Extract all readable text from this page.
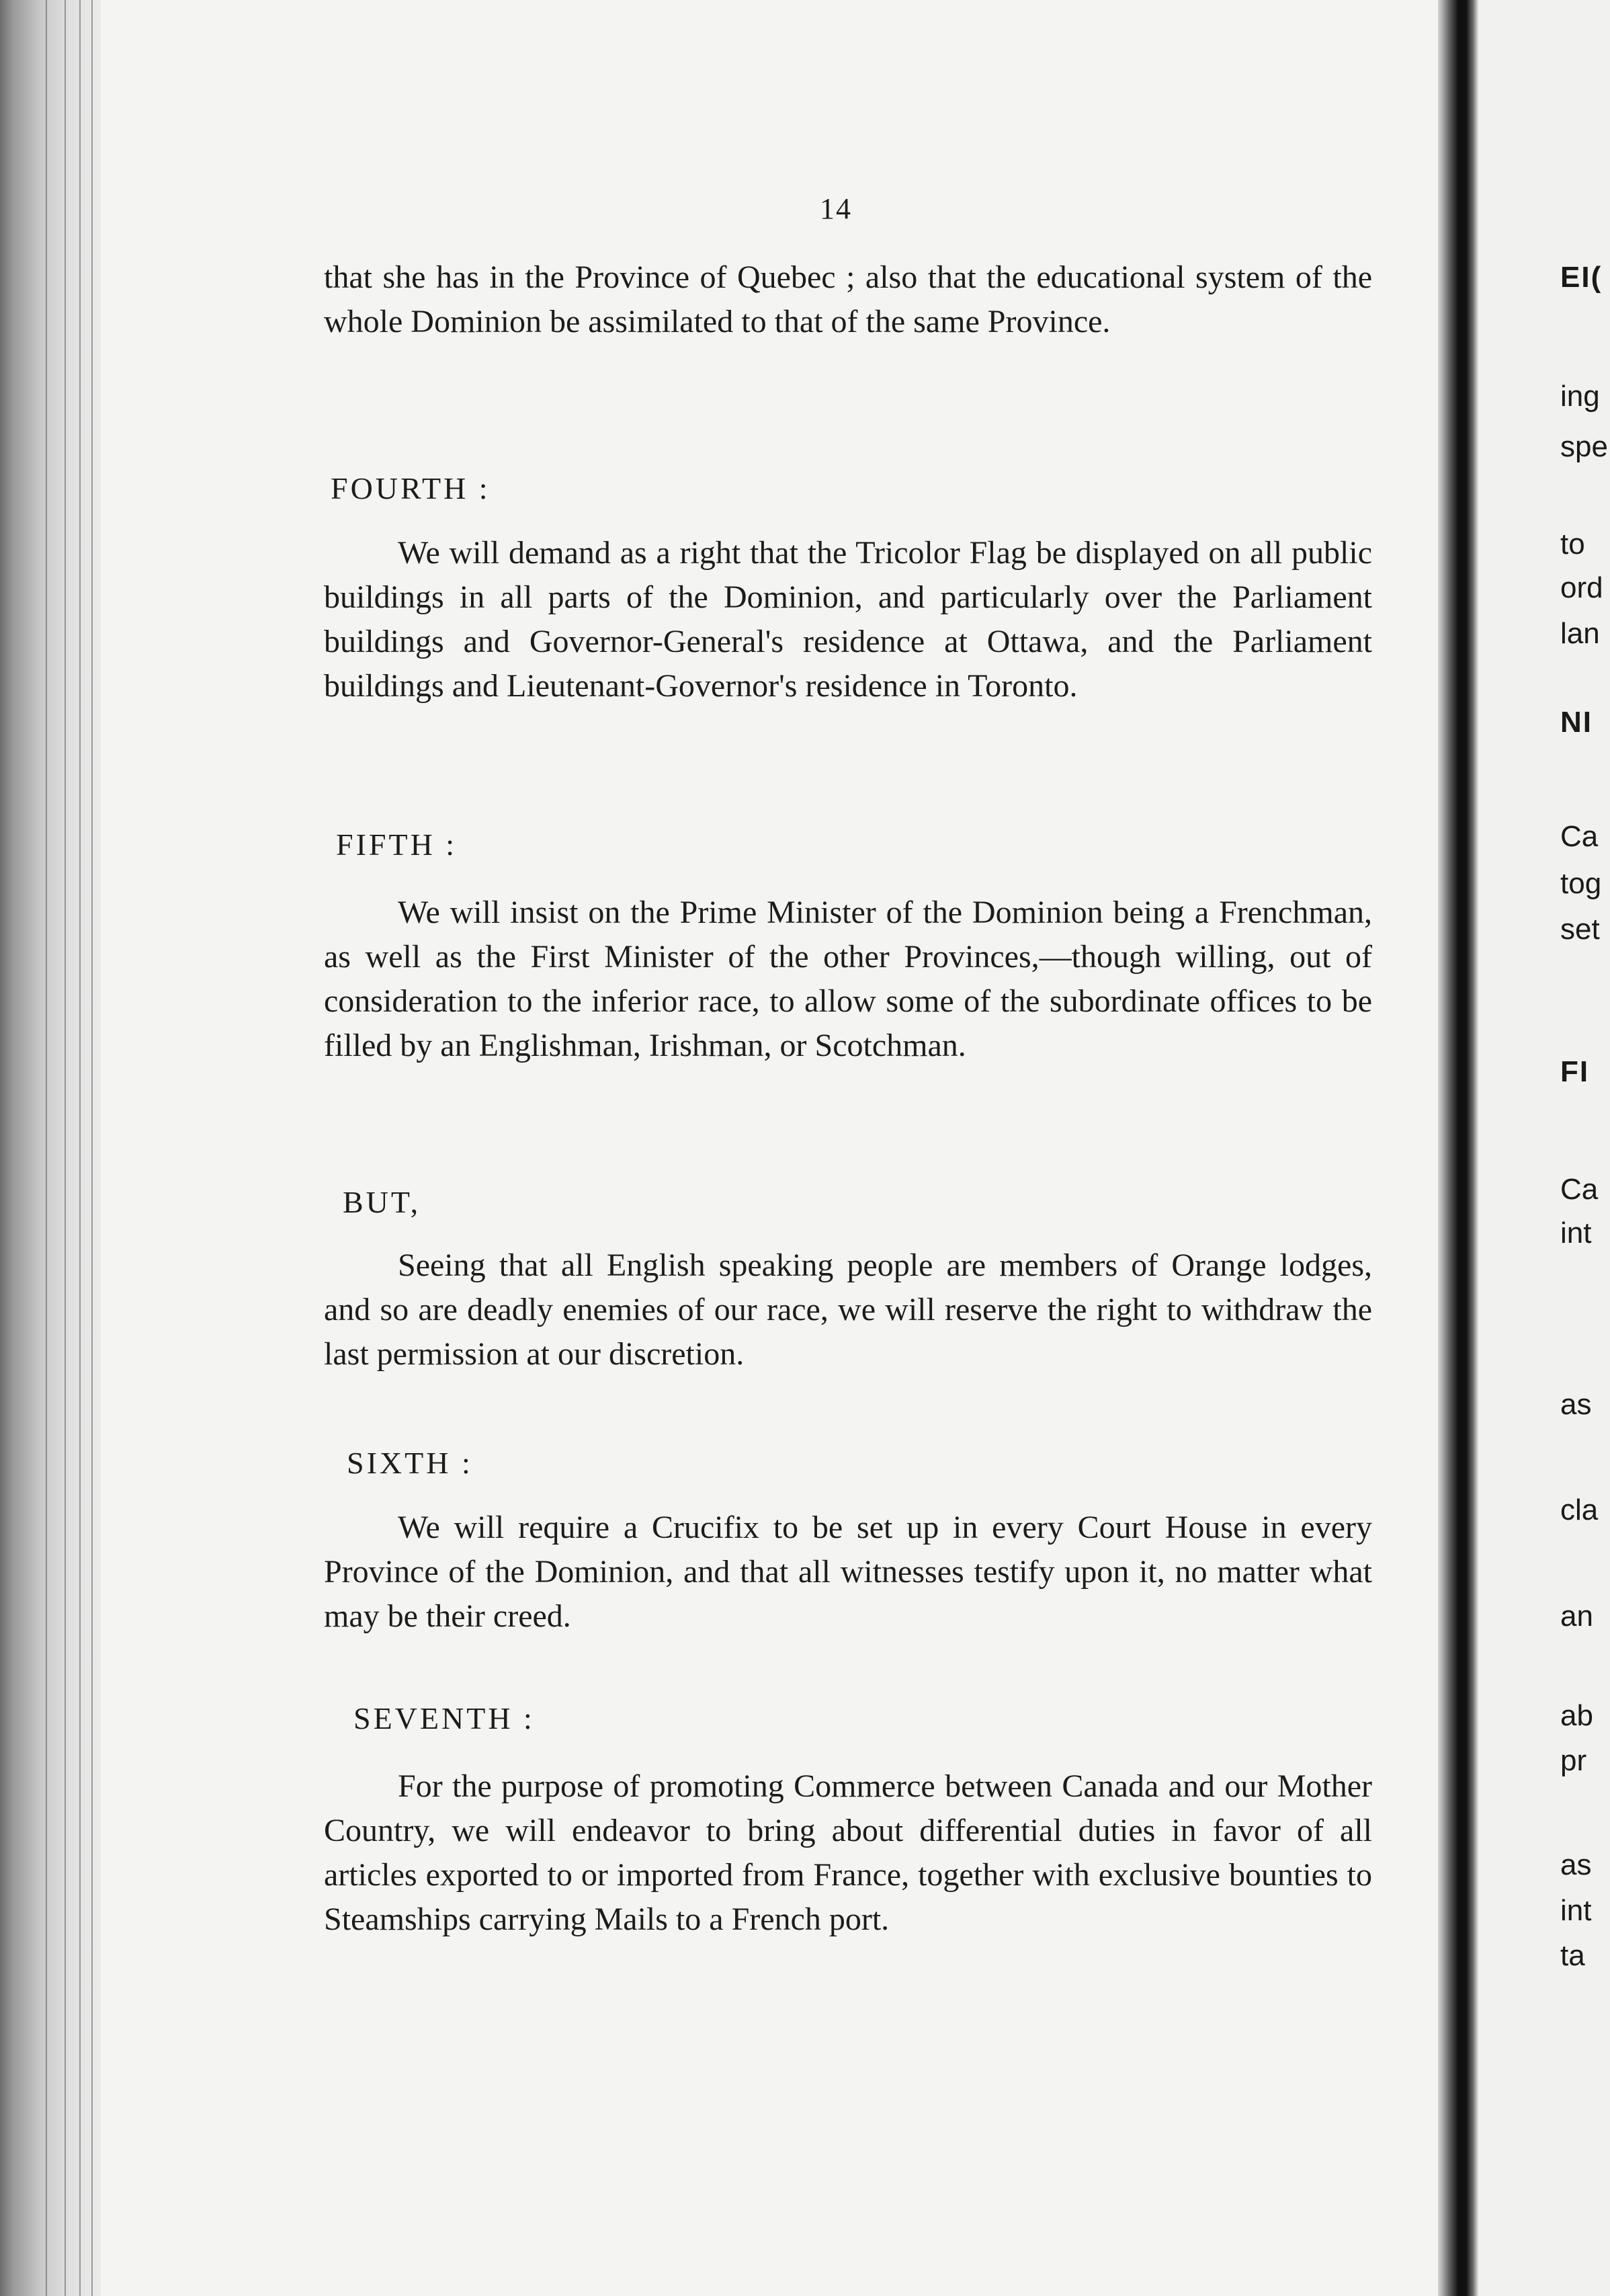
14
that she has in the Province of Quebec ; also that the educational system of the whole Dominion be assimilated to that of the same Province.
FOURTH :
We will demand as a right that the Tricolor Flag be displayed on all public buildings in all parts of the Dominion, and particularly over the Parliament buildings and Governor-General's residence at Ottawa, and the Parliament buildings and Lieutenant-Governor's residence in Toronto.
FIFTH :
We will insist on the Prime Minister of the Dominion being a Frenchman, as well as the First Minister of the other Provinces,—though willing, out of consideration to the inferior race, to allow some of the subordinate offices to be filled by an Englishman, Irishman, or Scotchman.
BUT,
Seeing that all English speaking people are members of Orange lodges, and so are deadly enemies of our race, we will reserve the right to withdraw the last permission at our discretion.
SIXTH :
We will require a Crucifix to be set up in every Court House in every Province of the Dominion, and that all witnesses testify upon it, no matter what may be their creed.
SEVENTH :
For the purpose of promoting Commerce between Canada and our Mother Country, we will endeavor to bring about differential duties in favor of all articles exported to or imported from France, together with exclusive bounties to Steamships carrying Mails to a French port.
EI(
ing
spe
to
ord
lan
NI
Ca
tog
set
FI
Ca
int
as
cla
an
ab
pr
as
int
ta
